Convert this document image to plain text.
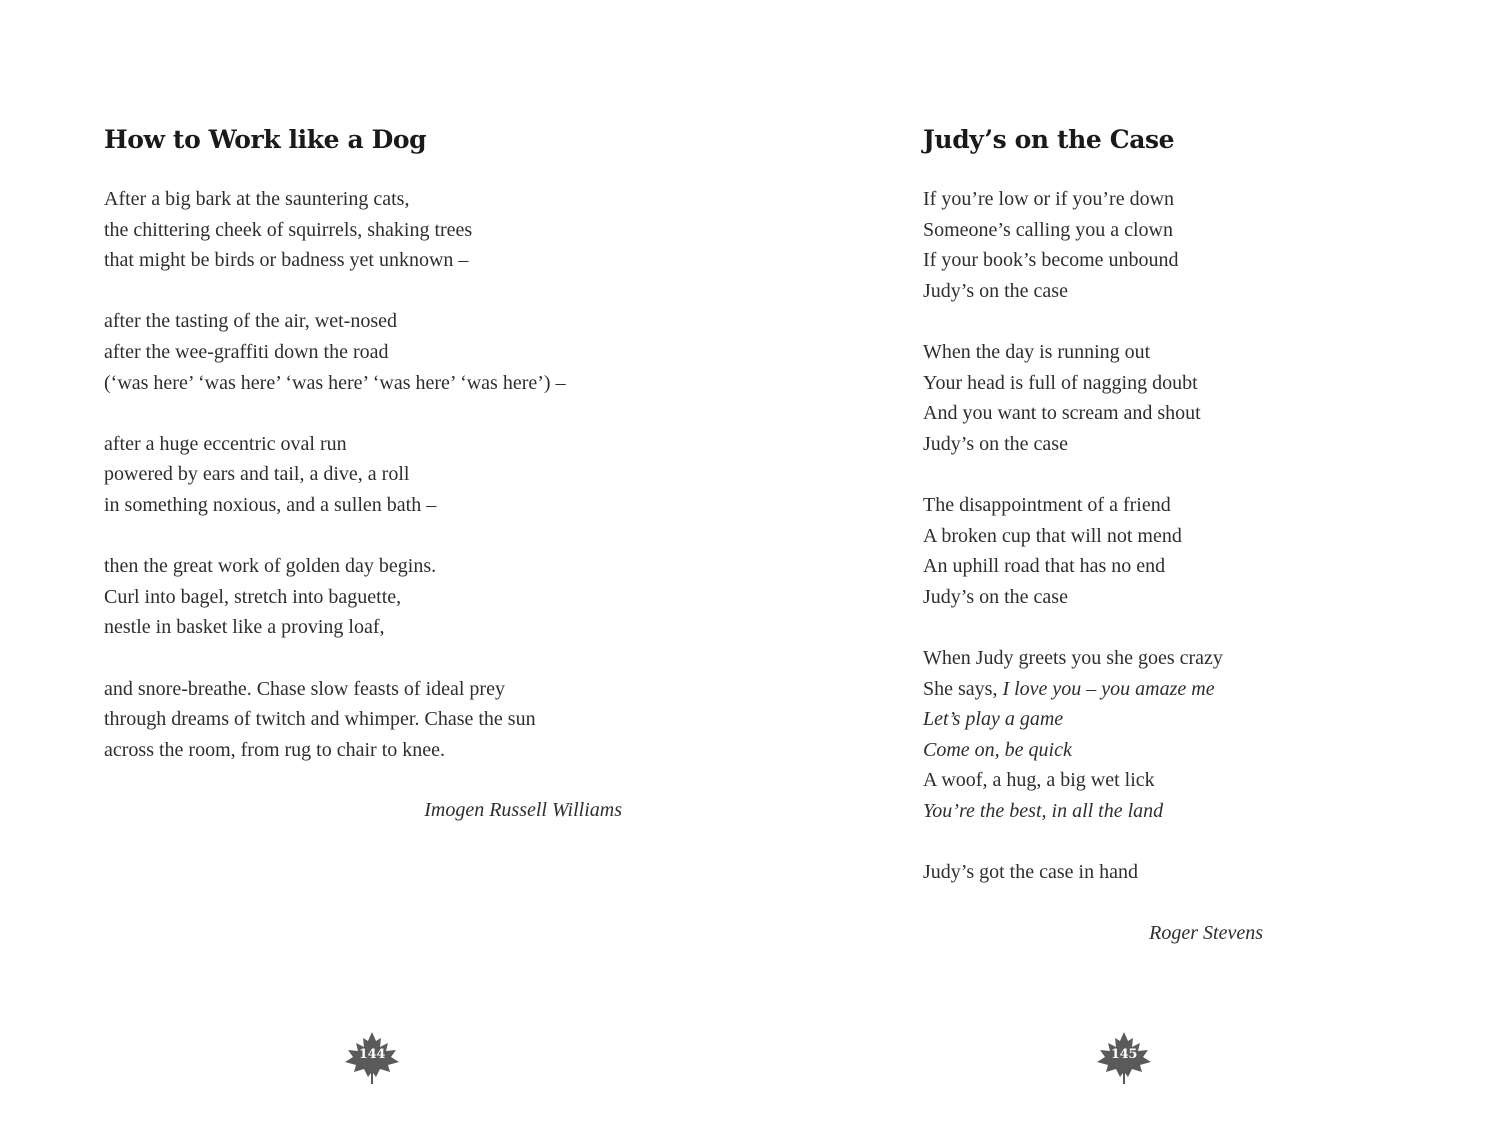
How to Work like a Dog
After a big bark at the sauntering cats,
the chittering cheek of squirrels, shaking trees
that might be birds or badness yet unknown –
after the tasting of the air, wet-nosed
after the wee-graffiti down the road
(‘was here’ ‘was here’ ‘was here’ ‘was here’ ‘was here’) –
after a huge eccentric oval run
powered by ears and tail, a dive, a roll
in something noxious, and a sullen bath –
then the great work of golden day begins.
Curl into bagel, stretch into baguette,
nestle in basket like a proving loaf,
and snore-breathe. Chase slow feasts of ideal prey
through dreams of twitch and whimper. Chase the sun
across the room, from rug to chair to knee.
Imogen Russell Williams
144
Judy’s on the Case
If you’re low or if you’re down
Someone’s calling you a clown
If your book’s become unbound
Judy’s on the case
When the day is running out
Your head is full of nagging doubt
And you want to scream and shout
Judy’s on the case
The disappointment of a friend
A broken cup that will not mend
An uphill road that has no end
Judy’s on the case
When Judy greets you she goes crazy
She says, I love you – you amaze me
Let’s play a game
Come on, be quick
A woof, a hug, a big wet lick
You’re the best, in all the land
Judy’s got the case in hand
Roger Stevens
145
